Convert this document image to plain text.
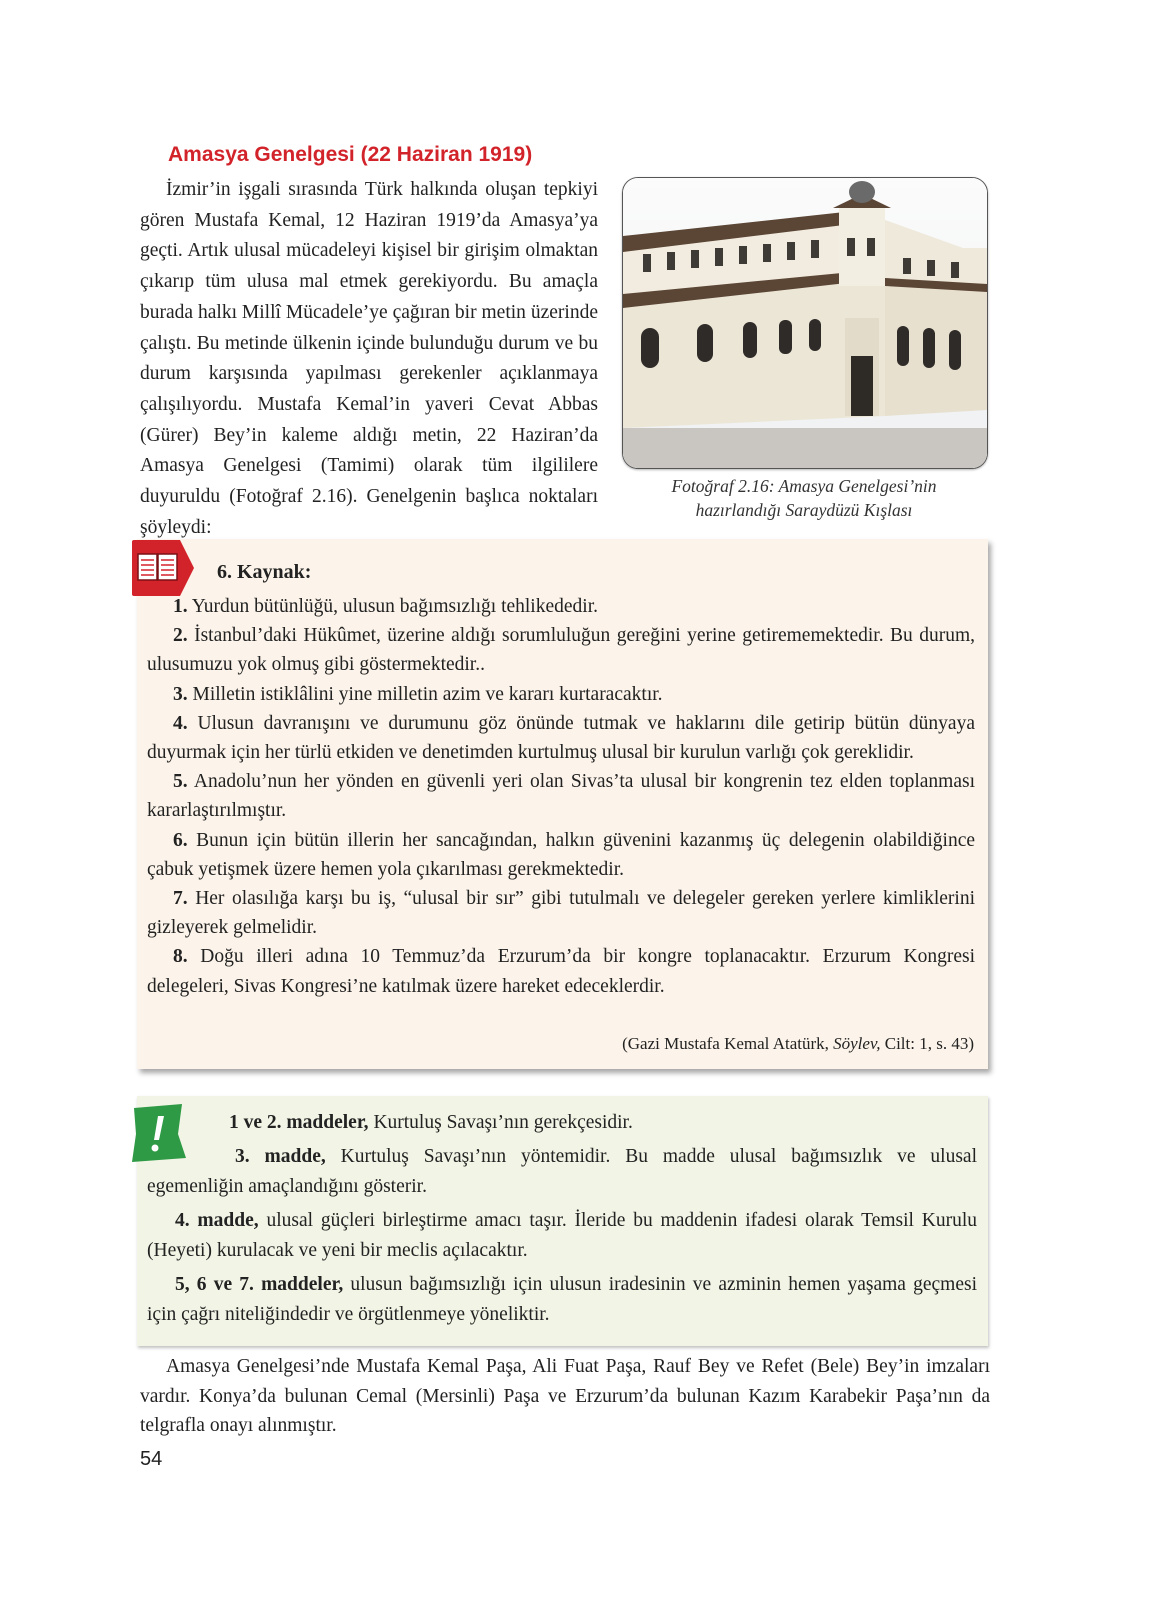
Amasya Genelgesi (22 Haziran 1919)

İzmir’in işgali sırasında Türk halkında oluşan tepkiyi gören Mustafa Kemal, 12 Haziran 1919’da Amasya’ya geçti. Artık ulusal mücadeleyi kişisel bir girişim olmaktan çıkarıp tüm ulusa mal etmek gerekiyordu. Bu amaçla burada halkı Millî Mücadele’ye çağıran bir metin üzerinde çalıştı. Bu metinde ülkenin içinde bulunduğu durum ve bu durum karşısında yapılması gerekenler açıklanmaya çalışılıyordu. Mustafa Kemal’in yaveri Cevat Abbas (Gürer) Bey’in kaleme aldığı metin, 22 Haziran’da Amasya Genelgesi (Tamimi) olarak tüm ilgililere duyuruldu (Fotoğraf 2.16). Genelgenin başlıca noktaları şöyleydi:

Fotoğraf 2.16: Amasya Genelgesi’nin
hazırlandığı Saraydüzü Kışlası

6. Kaynak:

1. Yurdun bütünlüğü, ulusun bağımsızlığı tehlikededir.

2. İstanbul’daki Hükûmet, üzerine aldığı sorumluluğun gereğini yerine getirememektedir. Bu durum, ulusumuzu yok olmuş gibi göstermektedir..

3. Milletin istiklâlini yine milletin azim ve kararı kurtaracaktır.

4. Ulusun davranışını ve durumunu göz önünde tutmak ve haklarını dile getirip bütün dünyaya duyurmak için her türlü etkiden ve denetimden kurtulmuş ulusal bir kurulun varlığı çok gereklidir.

5. Anadolu’nun her yönden en güvenli yeri olan Sivas’ta ulusal bir kongrenin tez elden toplanması kararlaştırılmıştır.

6. Bunun için bütün illerin her sancağından, halkın güvenini kazanmış üç delegenin olabildiğince çabuk yetişmek üzere hemen yola çıkarılması gerekmektedir.

7. Her olasılığa karşı bu iş, “ulusal bir sır” gibi tutulmalı ve delegeler gereken yerlere kimliklerini gizleyerek gelmelidir.

8. Doğu illeri adına 10 Temmuz’da Erzurum’da bir kongre toplanacaktır. Erzurum Kongresi delegeleri, Sivas Kongresi’ne katılmak üzere hareket edeceklerdir.

(Gazi Mustafa Kemal Atatürk, Söylev, Cilt: 1, s. 43)

1 ve 2. maddeler, Kurtuluş Savaşı’nın gerekçesidir.

3. madde, Kurtuluş Savaşı’nın yöntemidir. Bu madde ulusal bağımsızlık ve ulusal egemenliğin amaçlandığını gösterir.

4. madde, ulusal güçleri birleştirme amacı taşır. İleride bu maddenin ifadesi olarak Temsil Kurulu (Heyeti) kurulacak ve yeni bir meclis açılacaktır.

5, 6 ve 7. maddeler, ulusun bağımsızlığı için ulusun iradesinin ve azminin hemen yaşama geçmesi için çağrı niteliğindedir ve örgütlenmeye yöneliktir.

Amasya Genelgesi’nde Mustafa Kemal Paşa, Ali Fuat Paşa, Rauf Bey ve Refet (Bele) Bey’in imzaları vardır. Konya’da bulunan Cemal (Mersinli) Paşa ve Erzurum’da bulunan Kazım Karabekir Paşa’nın da telgrafla onayı alınmıştır.

54
